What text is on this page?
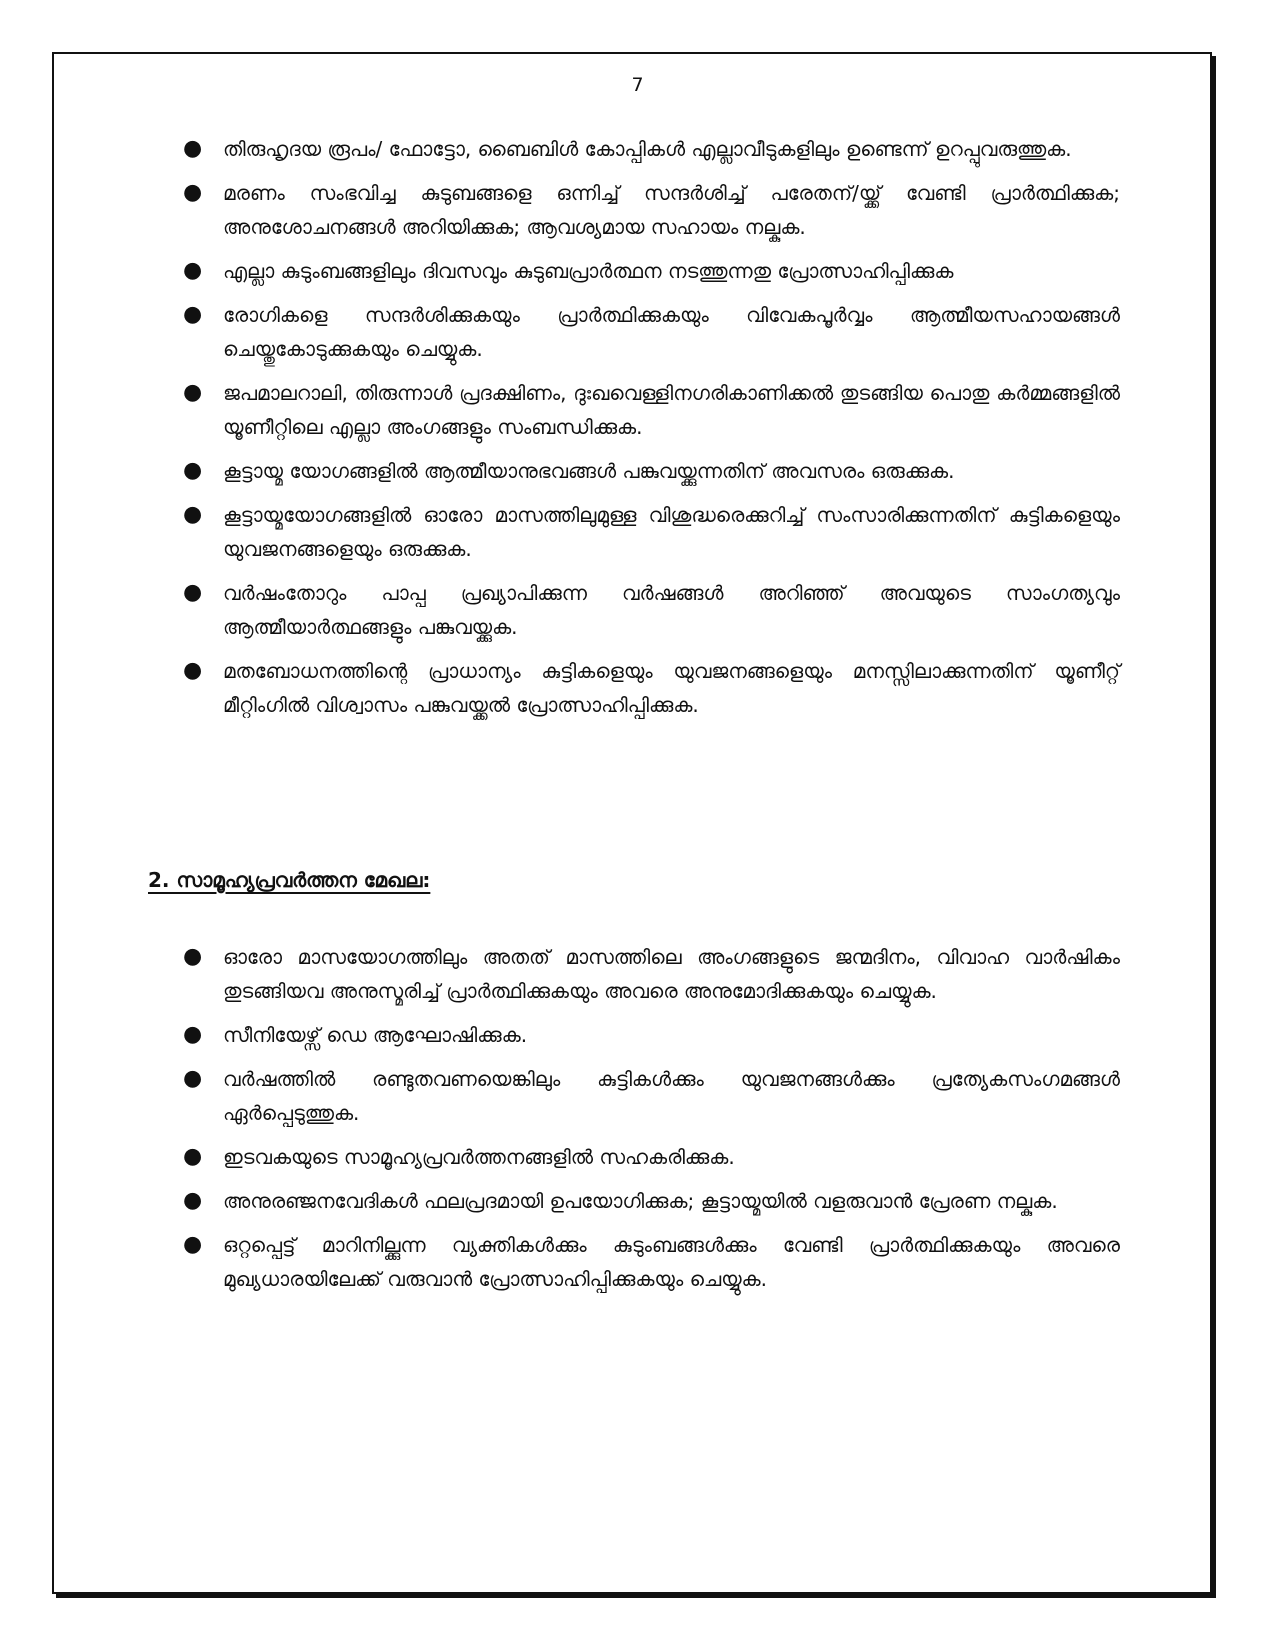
7
● തിരുഹൃദയ രൂപം/ ഫോട്ടോ, ബൈബിൾ കോപ്പികൾ എല്ലാവീടുകളിലും ഉണ്ടെന്ന് ഉറപ്പുവരുത്തുക.
● മരണം സംഭവിച്ച കുടുബങ്ങളെ ഒന്നിച്ച് സന്ദർശിച്ച് പരേതന്/യ്ക്ക് വേണ്ടി പ്രാർത്ഥിക്കുക; അനുശോചനങ്ങൾ അറിയിക്കുക; ആവശ്യമായ സഹായം നല്കുക.
● എല്ലാ കുടുംബങ്ങളിലും ദിവസവും കുടുബപ്രാർത്ഥന നടത്തുന്നതു പ്രോത്സാഹിപ്പിക്കുക
● രോഗികളെ സന്ദർശിക്കുകയും പ്രാർത്ഥിക്കുകയും വിവേകപൂർവ്വം ആത്മീയസഹായങ്ങൾ ചെയ്തുകോടുക്കുകയും ചെയ്യുക.
● ജപമാലറാലി, തിരുന്നാൾ പ്രദക്ഷിണം, ദുഃഖവെള്ളിനഗരികാണിക്കൽ തുടങ്ങിയ പൊതു കർമ്മങ്ങളിൽ യൂണീറ്റിലെ എല്ലാ അംഗങ്ങളും സംബന്ധിക്കുക.
● കൂട്ടായ്മ യോഗങ്ങളിൽ ആത്മീയാനുഭവങ്ങൾ പങ്കുവയ്ക്കുന്നതിന് അവസരം ഒരുക്കുക.
● കൂട്ടായ്മയോഗങ്ങളിൽ ഓരോ മാസത്തിലുമുള്ള വിശുദ്ധരെക്കുറിച്ച് സംസാരിക്കുന്നതിന് കുട്ടികളെയും യുവജനങ്ങളെയും ഒരുക്കുക.
● വർഷംതോറും പാപ്പ പ്രഖ്യാപിക്കുന്ന വർഷങ്ങൾ അറിഞ്ഞ് അവയുടെ സാംഗത്യവും ആത്മീയാർത്ഥങ്ങളും പങ്കുവയ്ക്കുക.
● മതബോധനത്തിന്റെ പ്രാധാന്യം കുട്ടികളെയും യുവജനങ്ങളെയും മനസ്സിലാക്കുന്നതിന് യൂണീറ്റ് മീറ്റിംഗിൽ വിശ്വാസം പങ്കുവയ്ക്കൽ പ്രോത്സാഹിപ്പിക്കുക.
2. സാമൂഹ്യപ്രവർത്തന മേഖല:
● ഓരോ മാസയോഗത്തിലും അതത് മാസത്തിലെ അംഗങ്ങളുടെ ജന്മദിനം, വിവാഹ വാർഷികം തുടങ്ങിയവ അനുസ്മരിച്ച് പ്രാർത്ഥിക്കുകയും അവരെ അനുമോദിക്കുകയും ചെയ്യുക.
● സീനിയേഴ്സ് ഡെ ആഘോഷിക്കുക.
● വർഷത്തിൽ രണ്ടുതവണയെങ്കിലും കുട്ടികൾക്കും യുവജനങ്ങൾക്കും പ്രത്യേകസംഗമങ്ങൾ ഏർപ്പെടുത്തുക.
● ഇടവകയുടെ സാമൂഹ്യപ്രവർത്തനങ്ങളിൽ സഹകരിക്കുക.
● അനുരഞ്ജനവേദികൾ ഫലപ്രദമായി ഉപയോഗിക്കുക; കൂട്ടായ്മയിൽ വളരുവാൻ പ്രേരണ നല്കുക.
● ഒറ്റപ്പെട്ട് മാറിനില്ക്കുന്ന വ്യക്തികൾക്കും കുടുംബങ്ങൾക്കും വേണ്ടി പ്രാർത്ഥിക്കുകയും അവരെ മുഖ്യധാരയിലേക്ക് വരുവാൻ പ്രോത്സാഹിപ്പിക്കുകയും ചെയ്യുക.
